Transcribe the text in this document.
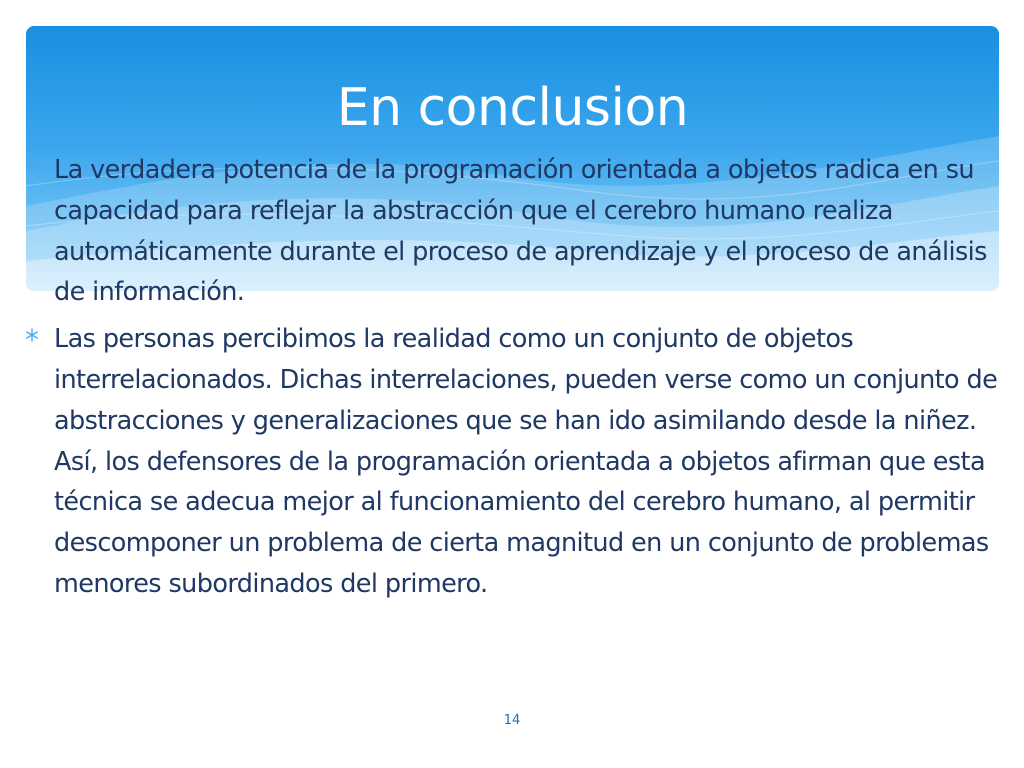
En conclusion
La verdadera potencia de la programación orientada a objetos radica en su capacidad para reflejar la abstracción que el cerebro humano realiza automáticamente durante el proceso de aprendizaje y el proceso de análisis de información.
Las personas percibimos la realidad como un conjunto de objetos interrelacionados. Dichas interrelaciones, pueden verse como un conjunto de abstracciones y generalizaciones que se han ido asimilando desde la niñez. Así, los defensores de la programación orientada a objetos afirman que esta técnica se adecua mejor al funcionamiento del cerebro humano, al permitir descomponer un problema de cierta magnitud en un conjunto de problemas menores subordinados del primero.
14
